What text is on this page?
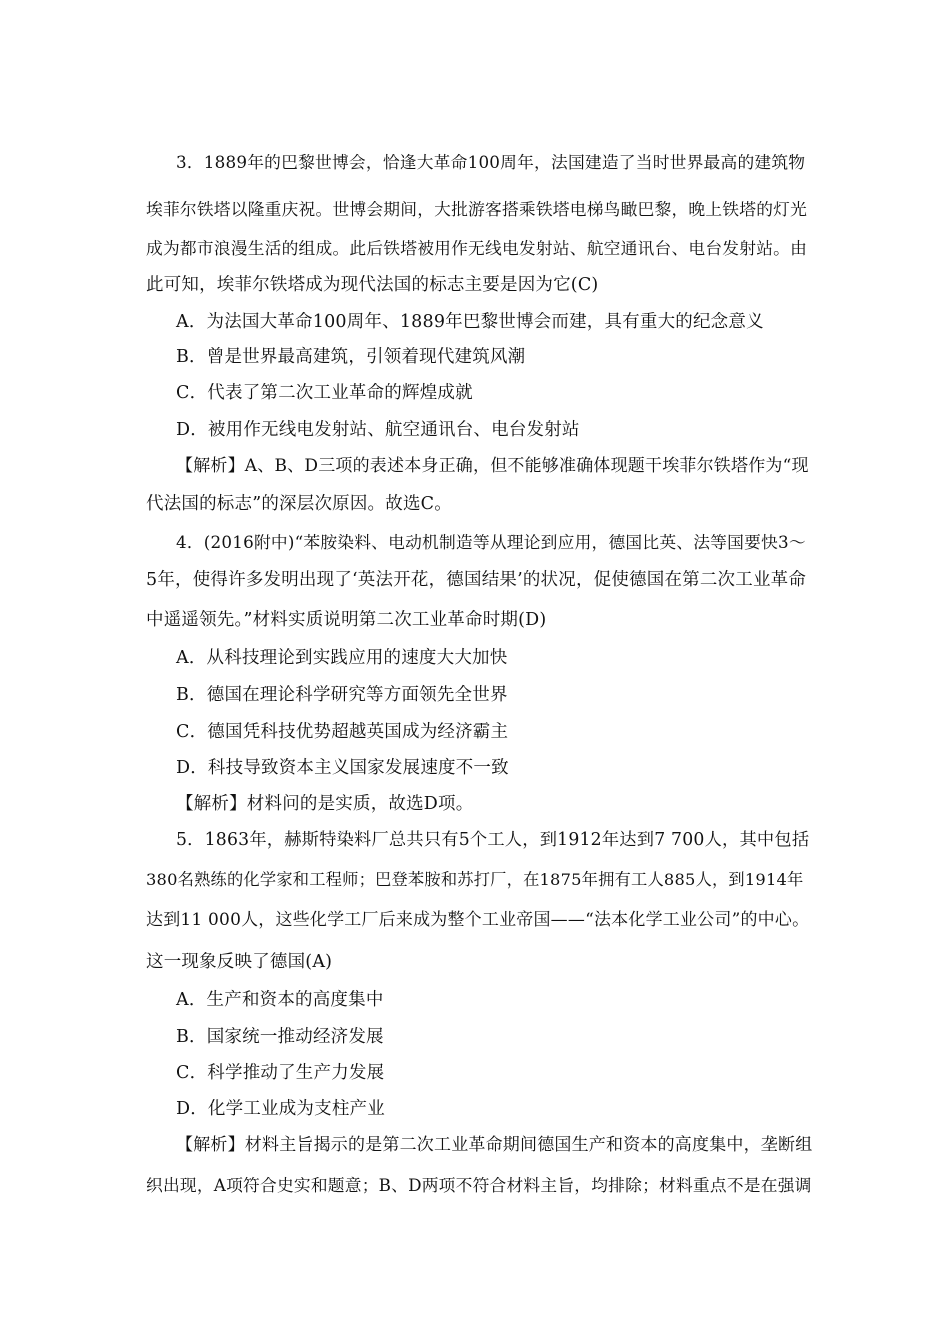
3．1889年的巴黎世博会，恰逢大革命100周年，法国建造了当时世界最高的建筑物
埃菲尔铁塔以隆重庆祝。世博会期间，大批游客搭乘铁塔电梯鸟瞰巴黎，晚上铁塔的灯光
成为都市浪漫生活的组成。此后铁塔被用作无线电发射站、航空通讯台、电台发射站。由
此可知，埃菲尔铁塔成为现代法国的标志主要是因为它(C)
A．为法国大革命100周年、1889年巴黎世博会而建，具有重大的纪念意义
B．曾是世界最高建筑，引领着现代建筑风潮
C．代表了第二次工业革命的辉煌成就
D．被用作无线电发射站、航空通讯台、电台发射站
【解析】A、B、D三项的表述本身正确，但不能够准确体现题干埃菲尔铁塔作为“现
代法国的标志”的深层次原因。故选C。
4．(2016附中)“苯胺染料、电动机制造等从理论到应用，德国比英、法等国要快3～
5年，使得许多发明出现了‘英法开花，德国结果’的状况，促使德国在第二次工业革命
中遥遥领先。”材料实质说明第二次工业革命时期(D)
A．从科技理论到实践应用的速度大大加快
B．德国在理论科学研究等方面领先全世界
C．德国凭科技优势超越英国成为经济霸主
D．科技导致资本主义国家发展速度不一致
【解析】材料问的是实质，故选D项。
5．1863年，赫斯特染料厂总共只有5个工人，到1912年达到7 700人，其中包括
380名熟练的化学家和工程师；巴登苯胺和苏打厂，在1875年拥有工人885人，到1914年
达到11 000人，这些化学工厂后来成为整个工业帝国——“法本化学工业公司”的中心。
这一现象反映了德国(A)
A．生产和资本的高度集中
B．国家统一推动经济发展
C．科学推动了生产力发展
D．化学工业成为支柱产业
【解析】材料主旨揭示的是第二次工业革命期间德国生产和资本的高度集中，垄断组
织出现，A项符合史实和题意；B、D两项不符合材料主旨，均排除；材料重点不是在强调
